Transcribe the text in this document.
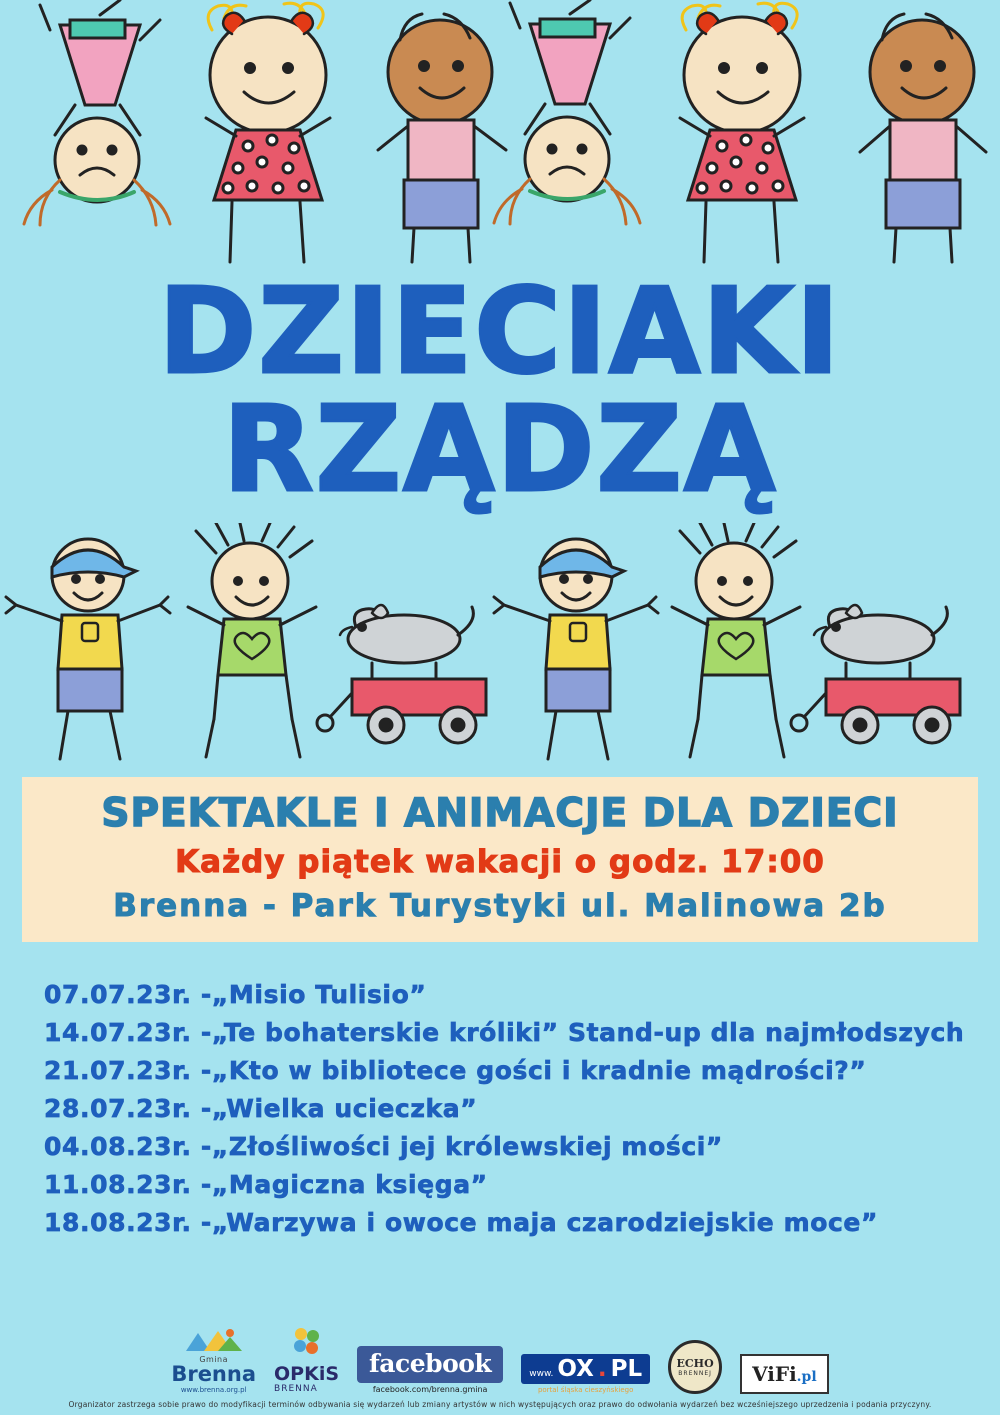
DZIECIAKI
RZĄDZĄ
SPEKTAKLE I ANIMACJE DLA DZIECI
Każdy piątek wakacji o godz. 17:00
Brenna - Park Turystyki ul. Malinowa 2b
07.07.23r. -„Misio Tulisio”
14.07.23r. -„Te bohaterskie króliki” Stand-up dla najmłodszych
21.07.23r. -„Kto w bibliotece gości i kradnie mądrości?”
28.07.23r. -„Wielka ucieczka”
04.08.23r. -„Złośliwości jej królewskiej mości”
11.08.23r. -„Magiczna księga”
18.08.23r. -„Warzywa i owoce maja czarodziejskie moce”
Gmina
Brenna
www.brenna.org.pl
OPKiS
BRENNA
facebook
facebook.com/brenna.gmina
www. OX . PL
portal śląska cieszyńskiego
ECHO
BRENNEJ	ViFi.pl
Organizator zastrzega sobie prawo do modyfikacji terminów odbywania się wydarzeń lub zmiany artystów w nich występujących oraz prawo do odwołania wydarzeń bez wcześniejszego uprzedzenia i podania przyczyny.
